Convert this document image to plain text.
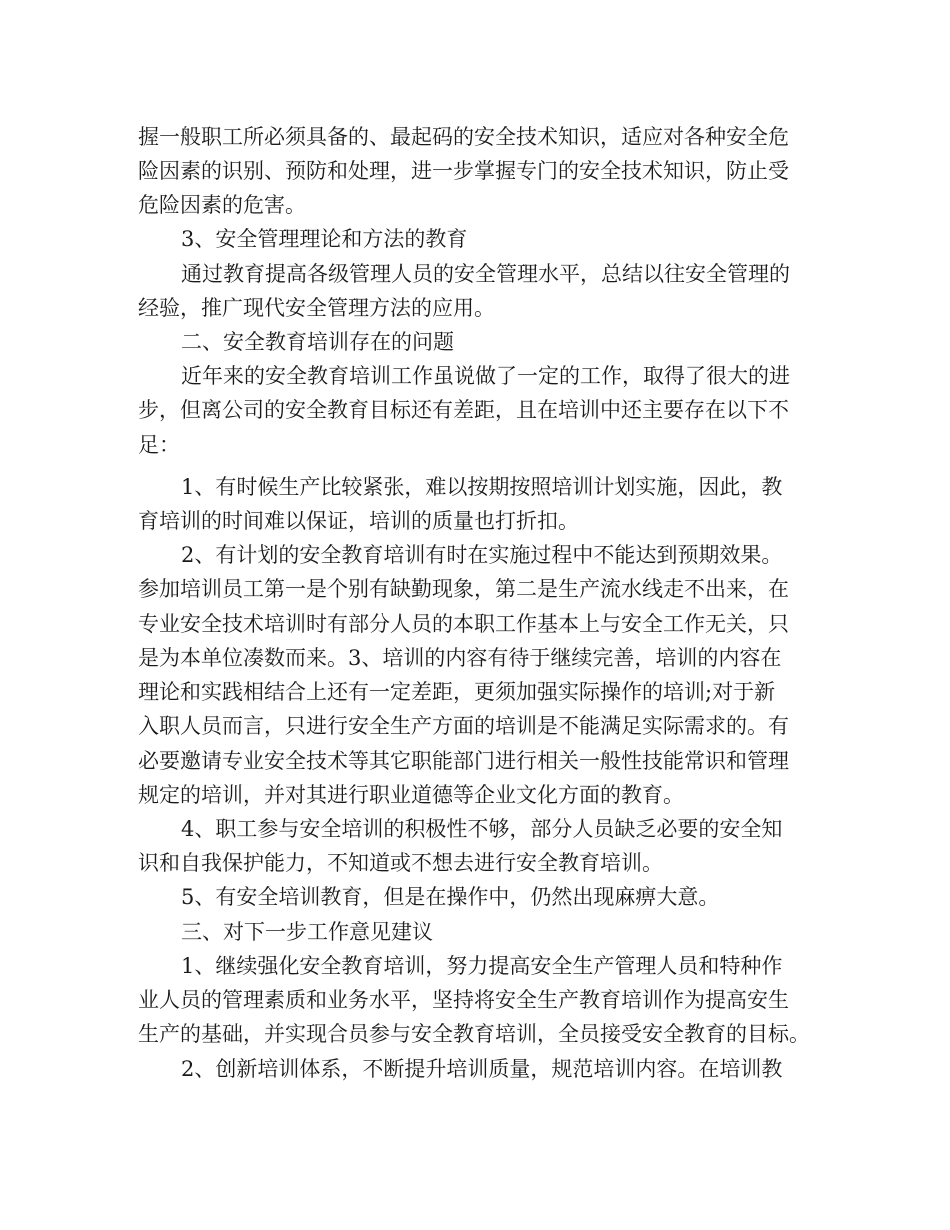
握一般职工所必须具备的、最起码的安全技术知识，适应对各种安全危
险因素的识别、预防和处理，进一步掌握专门的安全技术知识，防止受
危险因素的危害。
3、安全管理理论和方法的教育
通过教育提高各级管理人员的安全管理水平，总结以往安全管理的
经验，推广现代安全管理方法的应用。
二、安全教育培训存在的问题
近年来的安全教育培训工作虽说做了一定的工作，取得了很大的进
步，但离公司的安全教育目标还有差距，且在培训中还主要存在以下不
足：
1、有时候生产比较紧张，难以按期按照培训计划实施，因此，教
育培训的时间难以保证，培训的质量也打折扣。
2、有计划的安全教育培训有时在实施过程中不能达到预期效果。
参加培训员工第一是个别有缺勤现象，第二是生产流水线走不出来，在
专业安全技术培训时有部分人员的本职工作基本上与安全工作无关，只
是为本单位凑数而来。3、培训的内容有待于继续完善，培训的内容在
理论和实践相结合上还有一定差距，更须加强实际操作的培训;对于新
入职人员而言，只进行安全生产方面的培训是不能满足实际需求的。有
必要邀请专业安全技术等其它职能部门进行相关一般性技能常识和管理
规定的培训，并对其进行职业道德等企业文化方面的教育。
4、职工参与安全培训的积极性不够，部分人员缺乏必要的安全知
识和自我保护能力，不知道或不想去进行安全教育培训。
5、有安全培训教育，但是在操作中，仍然出现麻痹大意。
三、对下一步工作意见建议
1、继续强化安全教育培训，努力提高安全生产管理人员和特种作
业人员的管理素质和业务水平，坚持将安全生产教育培训作为提高安生
生产的基础，并实现合员参与安全教育培训，全员接受安全教育的目标。
2、创新培训体系，不断提升培训质量，规范培训内容。在培训教
